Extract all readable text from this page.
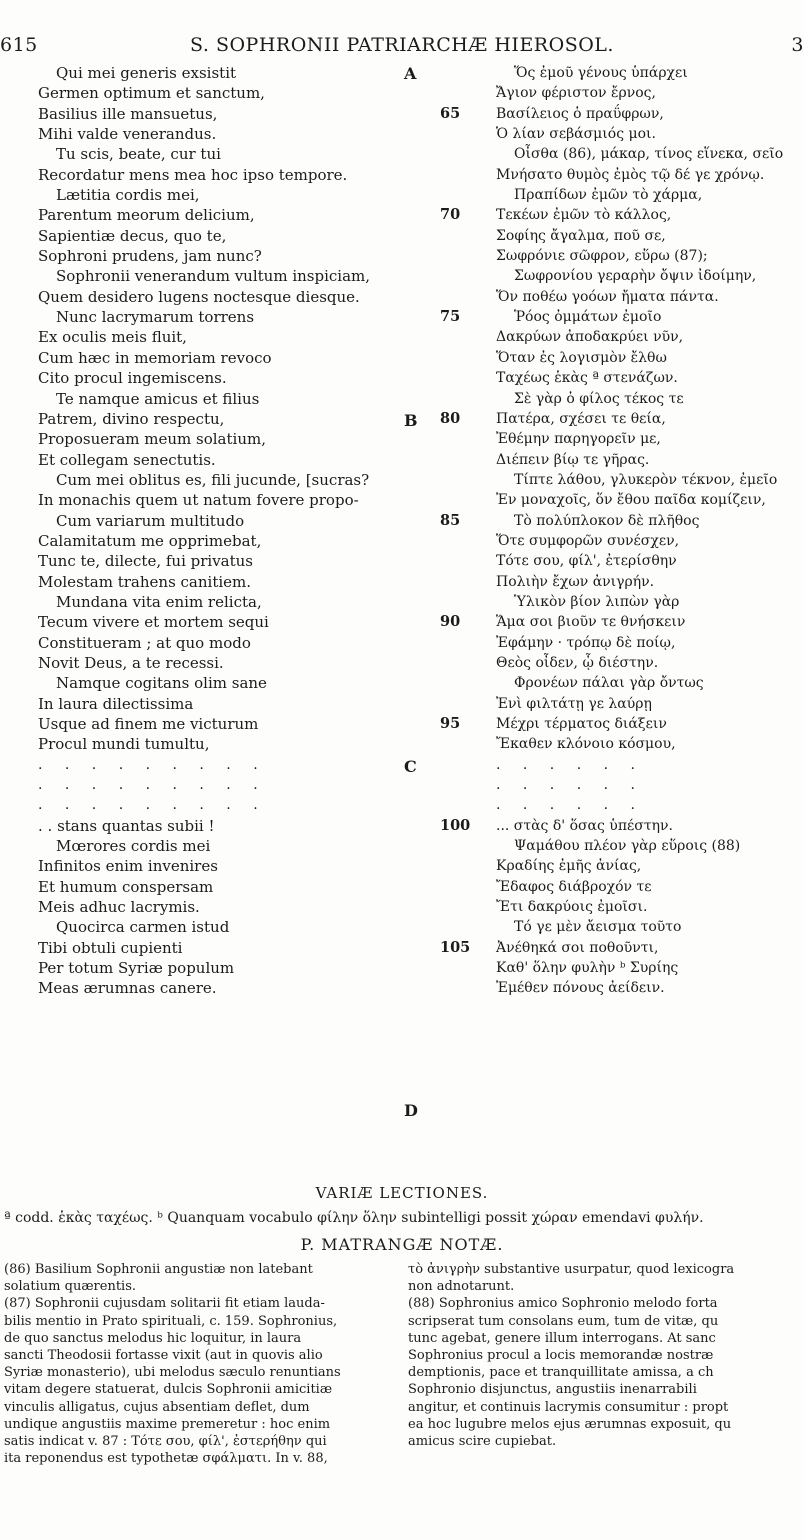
615	S. SOPHRONII PATRIARCHÆ HIEROSOL.	3
A
B
C
D
Qui mei generis exsistit
Germen optimum et sanctum,
Basilius ille mansuetus,
Mihi valde venerandus.
Tu scis, beate, cur tui
Recordatur mens mea hoc ipso tempore.
Lætitia cordis mei,
Parentum meorum delicium,
Sapientiæ decus, quo te,
Sophroni prudens, jam nunc?
Sophronii venerandum vultum inspiciam,
Quem desidero lugens noctesque diesque.
Nunc lacrymarum torrens
Ex oculis meis fluit,
Cum hæc in memoriam revoco
Cito procul ingemiscens.
Te namque amicus et filius
Patrem, divino respectu,
Proposueram meum solatium,
Et collegam senectutis.
Cum mei oblitus es, fili jucunde, [sucras?
In monachis quem ut natum fovere propo-
Cum variarum multitudo
Calamitatum me opprimebat,
Tunc te, dilecte, fui privatus
Molestam trahens canitiem.
Mundana vita enim relicta,
Tecum vivere et mortem sequi
Constitueram ; at quo modo
Novit Deus, a te recessi.
Namque cogitans olim sane
In laura dilectissima
Usque ad finem me victurum
Procul mundi tumultu,
. . . . . . . . .
. . . . . . . . .
. . . . . . . . .
. . stans quantas subii !
Mœrores cordis mei
Infinitos enim invenires
Et humum conspersam
Meis adhuc lacrymis.
Quocirca carmen istud
Tibi obtuli cupienti
Per totum Syriæ populum
Meas ærumnas canere.
Ὅς ἐμοῦ γένους ὑπάρχει
Ἄγιον φέριστον ἔρνος,
65	Βασίλειος ὁ πραΰφρων,
Ὁ λίαν σεβάσμιός μοι.
Οἶσθα (86), μάκαρ, τίνος εἵνεκα, σεῖο
Μνήσατο θυμὸς ἐμὸς τῷ δέ γε χρόνῳ.
Πραπίδων ἐμῶν τὸ χάρμα,
70	Τεκέων ἐμῶν τὸ κάλλος,
Σοφίης ἄγαλμα, ποῦ σε,
Σωφρόνιε σῶφρον, εὕρω (87);
Σωφρονίου γεραρὴν ὄψιν ἰδοίμην,
Ὅν ποθέω γοόων ἤματα πάντα.
75	Ῥόος ὀμμάτων ἐμοῖο
Δακρύων ἀποδακρύει νῦν,
Ὅταν ἐς λογισμὸν ἔλθω
Ταχέως ἑκὰς ª στενάζων.
Σὲ γὰρ ὁ φίλος τέκος τε
80	Πατέρα, σχέσει τε θεία,
Ἐθέμην παρηγορεῖν με,
Διέπειν βίῳ τε γῆρας.
Τίπτε λάθου, γλυκερὸν τέκνον, ἐμεῖο
Ἐν μοναχοῖς, ὅν ἔθου παῖδα κομίζειν,
85	Τὸ πολύπλοκον δὲ πλῆθος
Ὅτε συμφορῶν συνέσχεν,
Τότε σου, φίλ', ἐτερίσθην
Πολιὴν ἔχων ἀνιγρήν.
Ὑλικὸν βίον λιπὼν γὰρ
90	Ἅμα σοι βιοῦν τε θνήσκειν
Ἐφάμην · τρόπῳ δὲ ποίῳ,
Θεὸς οἶδεν, ᾧ διέστην.
Φρονέων πάλαι γὰρ ὄντως
Ἐνὶ φιλτάτῃ γε λαύρῃ
95	Μέχρι τέρματος διάξειν
Ἔκαθεν κλόνοιο κόσμου,
. . . . . .
. . . . . .
. . . . . .
100 ... στὰς δ' ὅσας ὑπέστην.
Ψαμάθου πλέον γὰρ εὕροις (88)
Κραδίης ἐμῆς ἀνίας,
Ἔδαφος διάβροχόν τε
Ἔτι δακρύοις ἐμοῖσι.
Τό γε μὲν ἄεισμα τοῦτο
105 Ἀνέθηκά σοι ποθοῦντι,
Καθ' ὅλην φυλὴν ᵇ Συρίης
Ἐμέθεν πόνους ἀείδειν.
VARIÆ LECTIONES.
ª codd. ἑκὰς ταχέως. ᵇ Quanquam vocabulo φίλην ὅλην subintelligi possit χώραν emendavi φυλήν.
P. MATRANGÆ NOTÆ.
(86) Basilium Sophronii angustiæ non latebant
solatium quærentis.
(87) Sophronii cujusdam solitarii fit etiam lauda-
bilis mentio in Prato spirituali, c. 159. Sophronius,
de quo sanctus melodus hic loquitur, in laura
sancti Theodosii fortasse vixit (aut in quovis alio
Syriæ monasterio), ubi melodus sæculo renuntians
vitam degere statuerat, dulcis Sophronii amicitiæ
vinculis alligatus, cujus absentiam deflet, dum
undique angustiis maxime premeretur : hoc enim
satis indicat v. 87 : Τότε σου, φίλ', ἐστερήθην qui
ita reponendus est typothetæ σφάλματι. In v. 88,
τὸ ἀνιγρὴν substantive usurpatur, quod lexicogra
non adnotarunt.
(88) Sophronius amico Sophronio melodo forta
scripserat tum consolans eum, tum de vitæ, qu
tunc agebat, genere illum interrogans. At sanc
Sophronius procul a locis memorandæ nostræ
demptionis, pace et tranquillitate amissa, a ch
Sophronio disjunctus, angustiis inenarrabili
angitur, et continuis lacrymis consumitur : propt
ea hoc lugubre melos ejus ærumnas exposuit, qu
amicus scire cupiebat.
